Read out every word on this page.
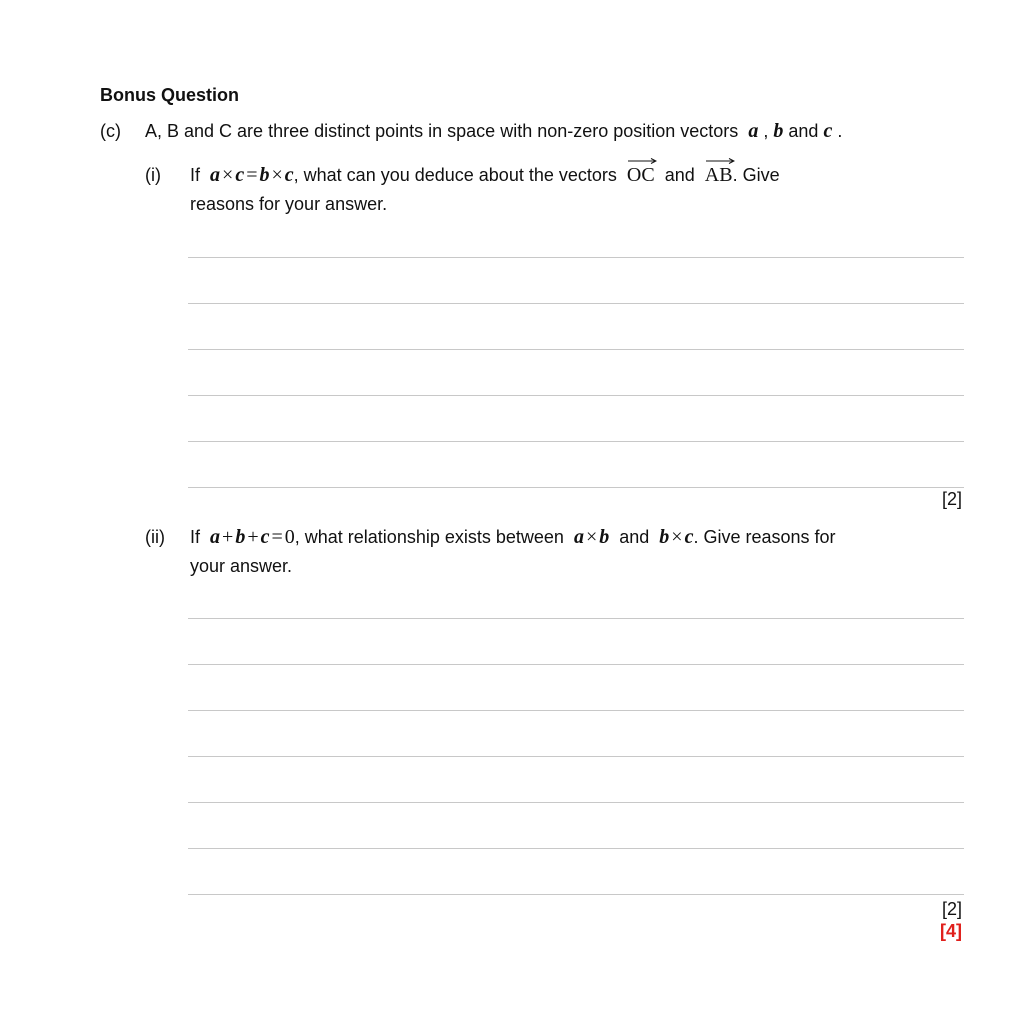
Bonus Question
(c) A, B and C are three distinct points in space with non-zero position vectors a , b and c .
(i) If a × c = b × c, what can you deduce about the vectors OC and AB. Give
reasons for your answer.
[2]
(ii) If a + b + c = 0, what relationship exists between a × b and b × c. Give reasons for
your answer.
[2]
[4]
